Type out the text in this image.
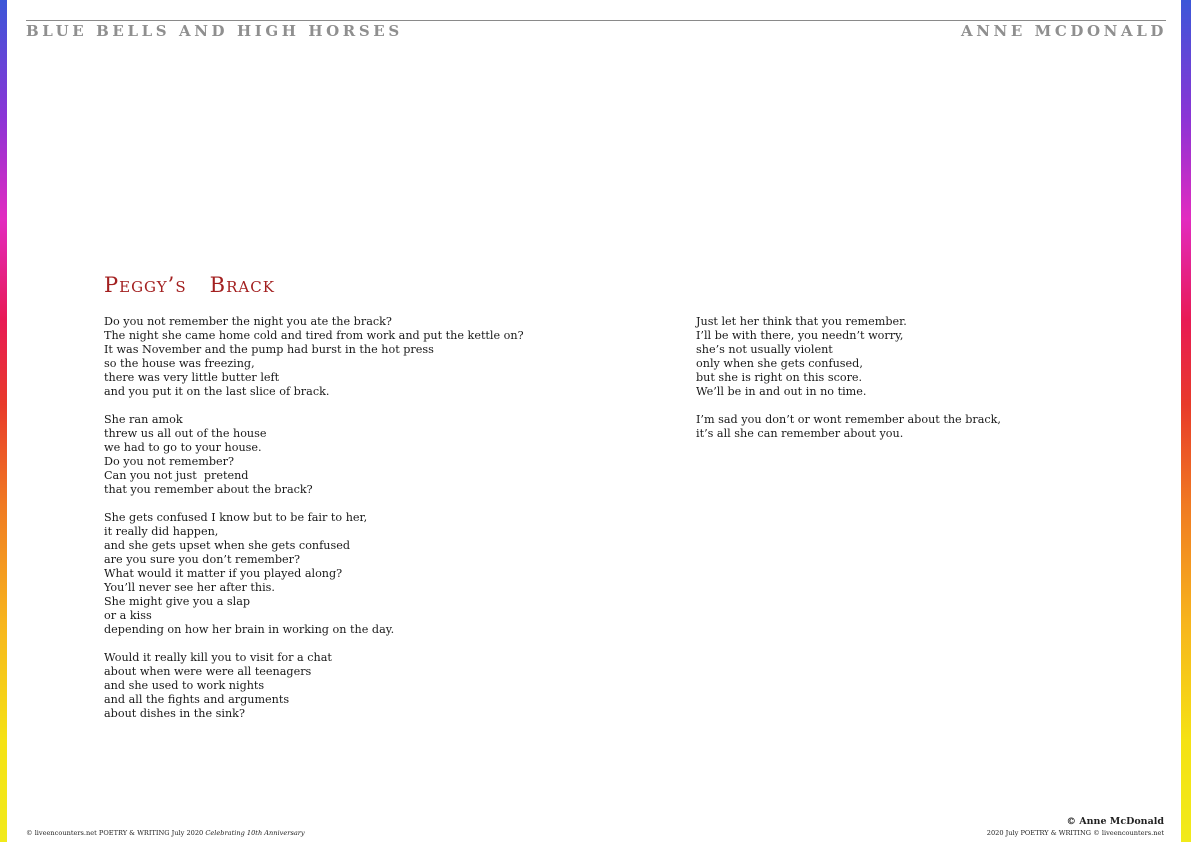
BLUE BELLS AND HIGH HORSES	ANNE MCDONALD
Peggy’s   Brack
Do you not remember the night you ate the brack?
The night she came home cold and tired from work and put the kettle on?
It was November and the pump had burst in the hot press
so the house was freezing,
there was very little butter left
and you put it on the last slice of brack.
She ran amok
threw us all out of the house
we had to go to your house.
Do you not remember?
Can you not just  pretend
that you remember about the brack?
She gets confused I know but to be fair to her,
it really did happen,
and she gets upset when she gets confused
are you sure you don’t remember?
What would it matter if you played along?
You’ll never see her after this.
She might give you a slap
or a kiss
depending on how her brain in working on the day.
Would it really kill you to visit for a chat
about when were were all teenagers
and she used to work nights
and all the fights and arguments
about dishes in the sink?
Just let her think that you remember.
I’ll be with there, you needn’t worry,
she’s not usually violent
only when she gets confused,
but she is right on this score.
We’ll be in and out in no time.
I’m sad you don’t or wont remember about the brack,
it’s all she can remember about you.
© liveencounters.net POETRY & WRITING July 2020 Celebrating 10th Anniversary
© Anne McDonald
2020 July POETRY & WRITING © liveencounters.net
